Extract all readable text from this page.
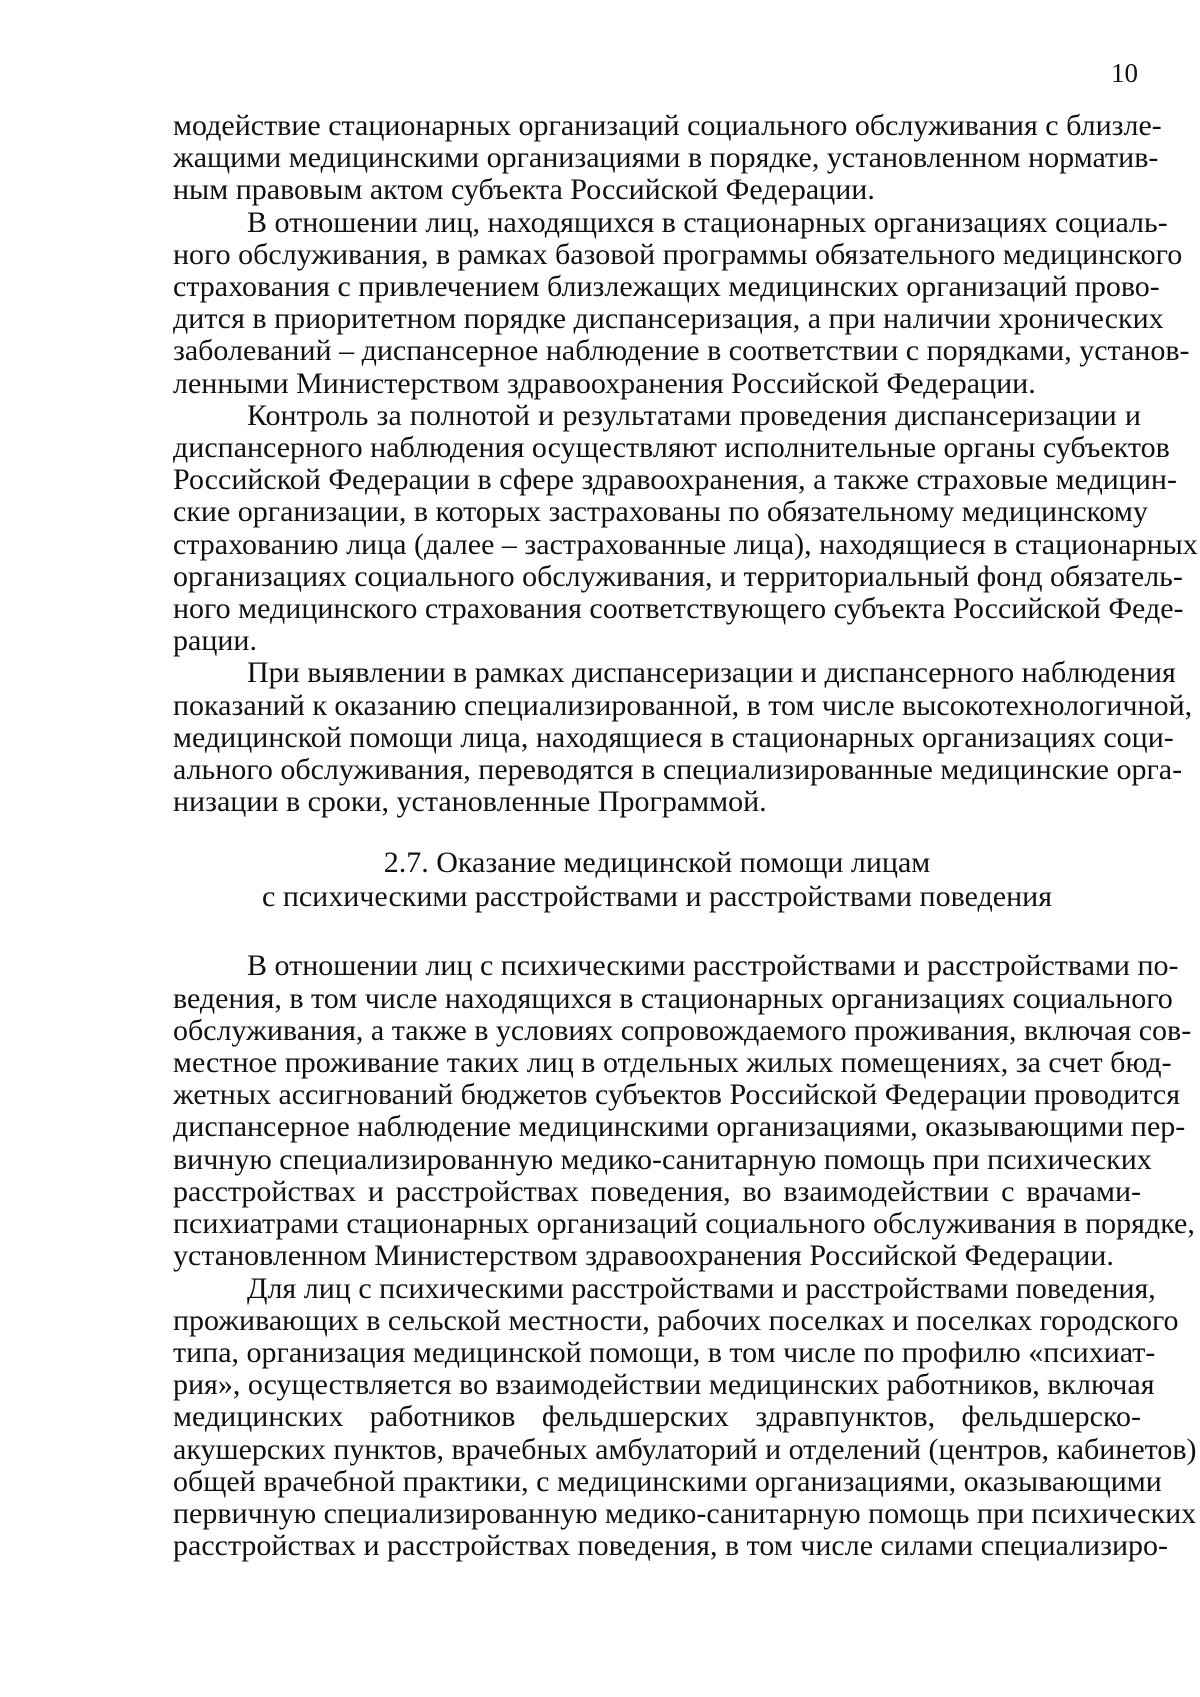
10
модействие стационарных организаций социального обслуживания с близле-
жащими медицинскими организациями в порядке, установленном норматив-
ным правовым актом субъекта Российской Федерации.
В отношении лиц, находящихся в стационарных организациях социаль-
ного обслуживания, в рамках базовой программы обязательного медицинского
страхования с привлечением близлежащих медицинских организаций прово-
дится в приоритетном порядке диспансеризация, а при наличии хронических
заболеваний – диспансерное наблюдение в соответствии с порядками, установ-
ленными Министерством здравоохранения Российской Федерации.
Контроль за полнотой и результатами проведения диспансеризации и
диспансерного наблюдения осуществляют исполнительные органы субъектов
Российской Федерации в сфере здравоохранения, а также страховые медицин-
ские организации, в которых застрахованы по обязательному медицинскому
страхованию лица (далее – застрахованные лица), находящиеся в стационарных
организациях социального обслуживания, и территориальный фонд обязатель-
ного медицинского страхования соответствующего субъекта Российской Феде-
рации.
При выявлении в рамках диспансеризации и диспансерного наблюдения
показаний к оказанию специализированной, в том числе высокотехнологичной,
медицинской помощи лица, находящиеся в стационарных организациях соци-
ального обслуживания, переводятся в специализированные медицинские орга-
низации в сроки, установленные Программой.
2.7. Оказание медицинской помощи лицам
с психическими расстройствами и расстройствами поведения
В отношении лиц с психическими расстройствами и расстройствами по-
ведения, в том числе находящихся в стационарных организациях социального
обслуживания, а также в условиях сопровождаемого проживания, включая сов-
местное проживание таких лиц в отдельных жилых помещениях, за счет бюд-
жетных ассигнований бюджетов субъектов Российской Федерации проводится
диспансерное наблюдение медицинскими организациями, оказывающими пер-
вичную специализированную медико-санитарную помощь при психических
расстройствах и расстройствах поведения, во взаимодействии с врачами-
психиатрами стационарных организаций социального обслуживания в порядке,
установленном Министерством здравоохранения Российской Федерации.
Для лиц с психическими расстройствами и расстройствами поведения,
проживающих в сельской местности, рабочих поселках и поселках городского
типа, организация медицинской помощи, в том числе по профилю «психиат-
рия», осуществляется во взаимодействии медицинских работников, включая
медицинских работников фельдшерских здравпунктов, фельдшерско-
акушерских пунктов, врачебных амбулаторий и отделений (центров, кабинетов)
общей врачебной практики, с медицинскими организациями, оказывающими
первичную специализированную медико-санитарную помощь при психических
расстройствах и расстройствах поведения, в том числе силами специализиро-
